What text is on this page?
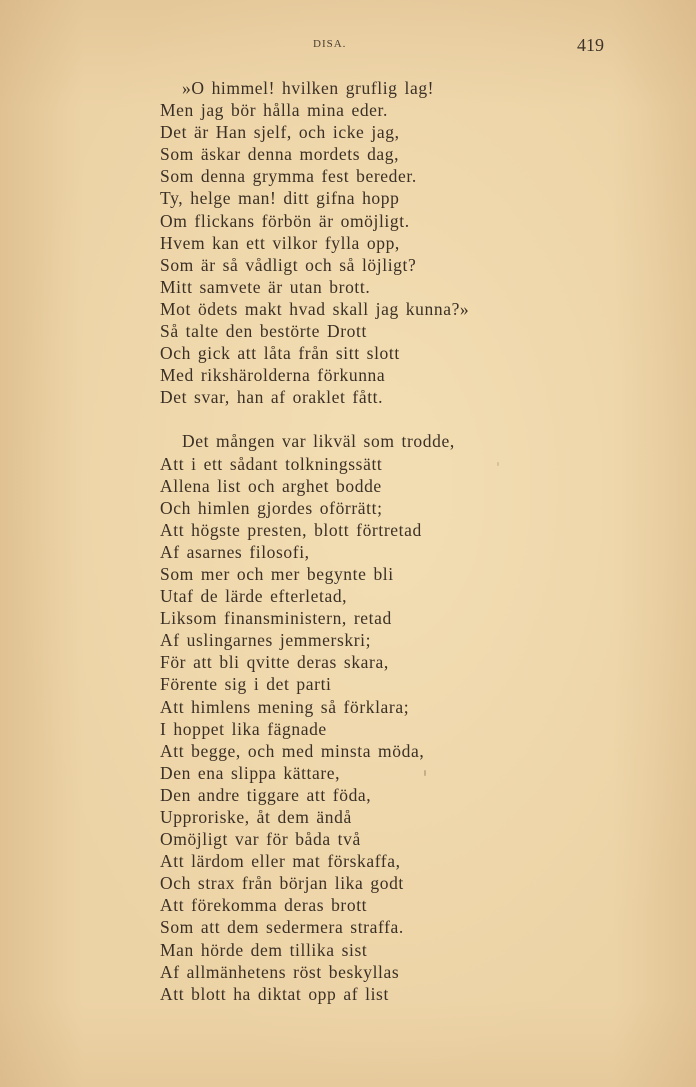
DISA.	419
»O himmel! hvilken gruflig lag!
Men jag bör hålla mina eder.
Det är Han sjelf, och icke jag,
Som äskar denna mordets dag,
Som denna grymma fest bereder.
Ty, helge man! ditt gifna hopp
Om flickans förbön är omöjligt.
Hvem kan ett vilkor fylla opp,
Som är så vådligt och så löjligt?
Mitt samvete är utan brott.
Mot ödets makt hvad skall jag kunna?»
Så talte den bestörte Drott
Och gick att låta från sitt slott
Med rikshärolderna förkunna
Det svar, han af oraklet fått.
Det mången var likväl som trodde,
Att i ett sådant tolkningssätt
Allena list och arghet bodde
Och himlen gjordes oförrätt;
Att högste presten, blott förtretad
Af asarnes filosofi,
Som mer och mer begynte bli
Utaf de lärde efterletad,
Liksom finansministern, retad
Af uslingarnes jemmerskri;
För att bli qvitte deras skara,
Förente sig i det parti
Att himlens mening så förklara;
I hoppet lika fägnade
Att begge, och med minsta möda,
Den ena slippa kättare,
Den andre tiggare att föda,
Upproriske, åt dem ändå
Omöjligt var för båda två
Att lärdom eller mat förskaffa,
Och strax från början lika godt
Att förekomma deras brott
Som att dem sedermera straffa.
Man hörde dem tillika sist
Af allmänhetens röst beskyllas
Att blott ha diktat opp af list
